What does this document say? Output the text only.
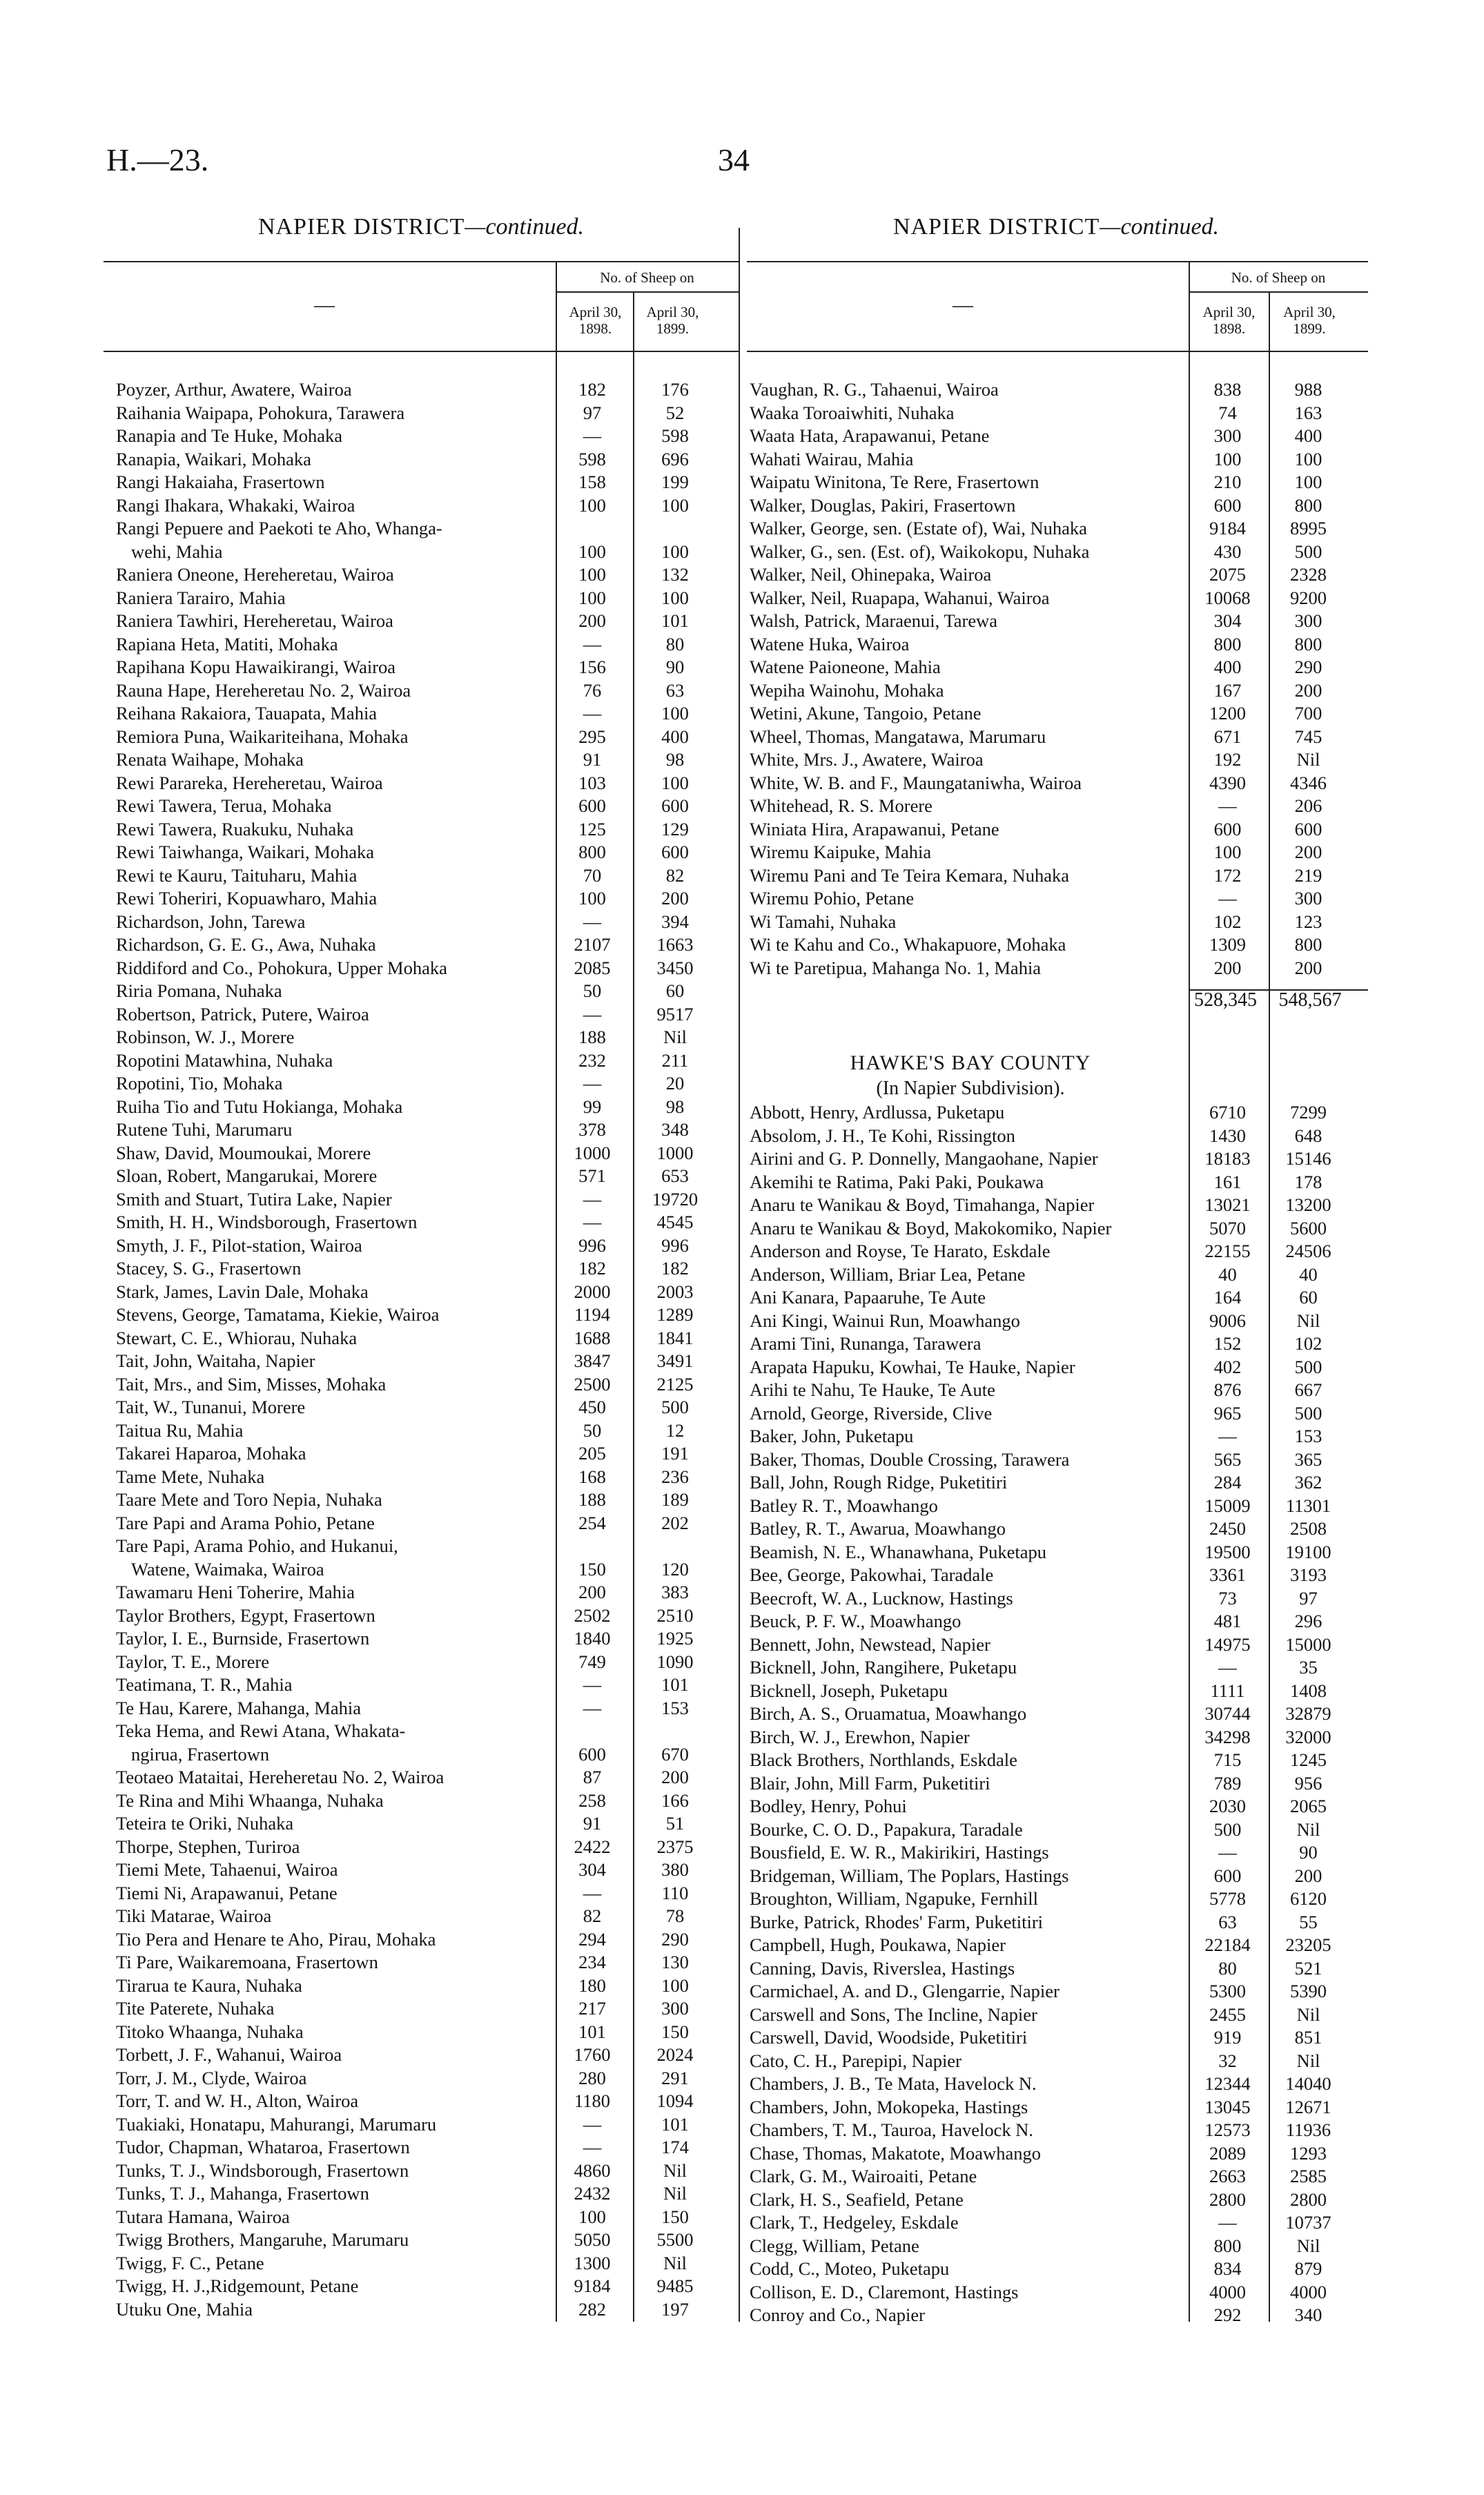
H.—23.	34
NAPIER DISTRICT—continued.	NAPIER DISTRICT—continued.
—	—
No. of Sheep on
April 30, 1898.
April 30, 1899.
No. of Sheep on
April 30, 1898.
April 30, 1899.
Poyzer, Arthur, Awatere, Wairoa	182	176
Raihania Waipapa, Pohokura, Tarawera	97	52
Ranapia and Te Huke, Mohaka	—	598
Ranapia, Waikari, Mohaka	598	696
Rangi Hakaiaha, Frasertown	158	199
Rangi Ihakara, Whakaki, Wairoa	100	100
Rangi Pepuere and Paekoti te Aho, Whanga-
wehi, Mahia	100	100
Raniera Oneone, Hereheretau, Wairoa	100	132
Raniera Tarairo, Mahia	100	100
Raniera Tawhiri, Hereheretau, Wairoa	200	101
Rapiana Heta, Matiti, Mohaka	—	80
Rapihana Kopu Hawaikirangi, Wairoa	156	90
Rauna Hape, Hereheretau No. 2, Wairoa	76	63
Reihana Rakaiora, Tauapata, Mahia	—	100
Remiora Puna, Waikariteihana, Mohaka	295	400
Renata Waihape, Mohaka	91	98
Rewi Parareka, Hereheretau, Wairoa	103	100
Rewi Tawera, Terua, Mohaka	600	600
Rewi Tawera, Ruakuku, Nuhaka	125	129
Rewi Taiwhanga, Waikari, Mohaka	800	600
Rewi te Kauru, Taituharu, Mahia	70	82
Rewi Toheriri, Kopuawharo, Mahia	100	200
Richardson, John, Tarewa	—	394
Richardson, G. E. G., Awa, Nuhaka	2107	1663
Riddiford and Co., Pohokura, Upper Mohaka	2085	3450
Riria Pomana, Nuhaka	50	60
Robertson, Patrick, Putere, Wairoa	—	9517
Robinson, W. J., Morere	188	Nil
Ropotini Matawhina, Nuhaka	232	211
Ropotini, Tio, Mohaka	—	20
Ruiha Tio and Tutu Hokianga, Mohaka	99	98
Rutene Tuhi, Marumaru	378	348
Shaw, David, Moumoukai, Morere	1000	1000
Sloan, Robert, Mangarukai, Morere	571	653
Smith and Stuart, Tutira Lake, Napier	—	19720
Smith, H. H., Windsborough, Frasertown	—	4545
Smyth, J. F., Pilot-station, Wairoa	996	996
Stacey, S. G., Frasertown	182	182
Stark, James, Lavin Dale, Mohaka	2000	2003
Stevens, George, Tamatama, Kiekie, Wairoa	1194	1289
Stewart, C. E., Whiorau, Nuhaka	1688	1841
Tait, John, Waitaha, Napier	3847	3491
Tait, Mrs., and Sim, Misses, Mohaka	2500	2125
Tait, W., Tunanui, Morere	450	500
Taitua Ru, Mahia	50	12
Takarei Haparoa, Mohaka	205	191
Tame Mete, Nuhaka	168	236
Taare Mete and Toro Nepia, Nuhaka	188	189
Tare Papi and Arama Pohio, Petane	254	202
Tare Papi, Arama Pohio, and Hukanui,
Watene, Waimaka, Wairoa	150	120
Tawamaru Heni Toherire, Mahia	200	383
Taylor Brothers, Egypt, Frasertown	2502	2510
Taylor, I. E., Burnside, Frasertown	1840	1925
Taylor, T. E., Morere	749	1090
Teatimana, T. R., Mahia	—	101
Te Hau, Karere, Mahanga, Mahia	—	153
Teka Hema, and Rewi Atana, Whakata-
ngirua, Frasertown	600	670
Teotaeo Mataitai, Hereheretau No. 2, Wairoa	87	200
Te Rina and Mihi Whaanga, Nuhaka	258	166
Teteira te Oriki, Nuhaka	91	51
Thorpe, Stephen, Turiroa	2422	2375
Tiemi Mete, Tahaenui, Wairoa	304	380
Tiemi Ni, Arapawanui, Petane	—	110
Tiki Matarae, Wairoa	82	78
Tio Pera and Henare te Aho, Pirau, Mohaka	294	290
Ti Pare, Waikaremoana, Frasertown	234	130
Tirarua te Kaura, Nuhaka	180	100
Tite Paterete, Nuhaka	217	300
Titoko Whaanga, Nuhaka	101	150
Torbett, J. F., Wahanui, Wairoa	1760	2024
Torr, J. M., Clyde, Wairoa	280	291
Torr, T. and W. H., Alton, Wairoa	1180	1094
Tuakiaki, Honatapu, Mahurangi, Marumaru	—	101
Tudor, Chapman, Whataroa, Frasertown	—	174
Tunks, T. J., Windsborough, Frasertown	4860	Nil
Tunks, T. J., Mahanga, Frasertown	2432	Nil
Tutara Hamana, Wairoa	100	150
Twigg Brothers, Mangaruhe, Marumaru	5050	5500
Twigg, F. C., Petane	1300	Nil
Twigg, H. J.,Ridgemount, Petane	9184	9485
Utuku One, Mahia	282	197
Vaughan, R. G., Tahaenui, Wairoa	838	988
Waaka Toroaiwhiti, Nuhaka	74	163
Waata Hata, Arapawanui, Petane	300	400
Wahati Wairau, Mahia	100	100
Waipatu Winitona, Te Rere, Frasertown	210	100
Walker, Douglas, Pakiri, Frasertown	600	800
Walker, George, sen. (Estate of), Wai, Nuhaka	9184	8995
Walker, G., sen. (Est. of), Waikokopu, Nuhaka	430	500
Walker, Neil, Ohinepaka, Wairoa	2075	2328
Walker, Neil, Ruapapa, Wahanui, Wairoa	10068	9200
Walsh, Patrick, Maraenui, Tarewa	304	300
Watene Huka, Wairoa	800	800
Watene Paioneone, Mahia	400	290
Wepiha Wainohu, Mohaka	167	200
Wetini, Akune, Tangoio, Petane	1200	700
Wheel, Thomas, Mangatawa, Marumaru	671	745
White, Mrs. J., Awatere, Wairoa	192	Nil
White, W. B. and F., Maungataniwha, Wairoa	4390	4346
Whitehead, R. S. Morere	—	206
Winiata Hira, Arapawanui, Petane	600	600
Wiremu Kaipuke, Mahia	100	200
Wiremu Pani and Te Teira Kemara, Nuhaka	172	219
Wiremu Pohio, Petane	—	300
Wi Tamahi, Nuhaka	102	123
Wi te Kahu and Co., Whakapuore, Mohaka	1309	800
Wi te Paretipua, Mahanga No. 1, Mahia	200	200
528,345	548,567
HAWKE'S BAY COUNTY
(In Napier Subdivision).
Abbott, Henry, Ardlussa, Puketapu	6710	7299
Absolom, J. H., Te Kohi, Rissington	1430	648
Airini and G. P. Donnelly, Mangaohane, Napier	18183	15146
Akemihi te Ratima, Paki Paki, Poukawa	161	178
Anaru te Wanikau & Boyd, Timahanga, Napier	13021	13200
Anaru te Wanikau & Boyd, Makokomiko, Napier	5070	5600
Anderson and Royse, Te Harato, Eskdale	22155	24506
Anderson, William, Briar Lea, Petane	40	40
Ani Kanara, Papaaruhe, Te Aute	164	60
Ani Kingi, Wainui Run, Moawhango	9006	Nil
Arami Tini, Runanga, Tarawera	152	102
Arapata Hapuku, Kowhai, Te Hauke, Napier	402	500
Arihi te Nahu, Te Hauke, Te Aute	876	667
Arnold, George, Riverside, Clive	965	500
Baker, John, Puketapu	—	153
Baker, Thomas, Double Crossing, Tarawera	565	365
Ball, John, Rough Ridge, Puketitiri	284	362
Batley R. T., Moawhango	15009	11301
Batley, R. T., Awarua, Moawhango	2450	2508
Beamish, N. E., Whanawhana, Puketapu	19500	19100
Bee, George, Pakowhai, Taradale	3361	3193
Beecroft, W. A., Lucknow, Hastings	73	97
Beuck, P. F. W., Moawhango	481	296
Bennett, John, Newstead, Napier	14975	15000
Bicknell, John, Rangihere, Puketapu	—	35
Bicknell, Joseph, Puketapu	1111	1408
Birch, A. S., Oruamatua, Moawhango	30744	32879
Birch, W. J., Erewhon, Napier	34298	32000
Black Brothers, Northlands, Eskdale	715	1245
Blair, John, Mill Farm, Puketitiri	789	956
Bodley, Henry, Pohui	2030	2065
Bourke, C. O. D., Papakura, Taradale	500	Nil
Bousfield, E. W. R., Makirikiri, Hastings	—	90
Bridgeman, William, The Poplars, Hastings	600	200
Broughton, William, Ngapuke, Fernhill	5778	6120
Burke, Patrick, Rhodes' Farm, Puketitiri	63	55
Campbell, Hugh, Poukawa, Napier	22184	23205
Canning, Davis, Riverslea, Hastings	80	521
Carmichael, A. and D., Glengarrie, Napier	5300	5390
Carswell and Sons, The Incline, Napier	2455	Nil
Carswell, David, Woodside, Puketitiri	919	851
Cato, C. H., Parepipi, Napier	32	Nil
Chambers, J. B., Te Mata, Havelock N.	12344	14040
Chambers, John, Mokopeka, Hastings	13045	12671
Chambers, T. M., Tauroa, Havelock N.	12573	11936
Chase, Thomas, Makatote, Moawhango	2089	1293
Clark, G. M., Wairoaiti, Petane	2663	2585
Clark, H. S., Seafield, Petane	2800	2800
Clark, T., Hedgeley, Eskdale	—	10737
Clegg, William, Petane	800	Nil
Codd, C., Moteo, Puketapu	834	879
Collison, E. D., Claremont, Hastings	4000	4000
Conroy and Co., Napier	292	340
